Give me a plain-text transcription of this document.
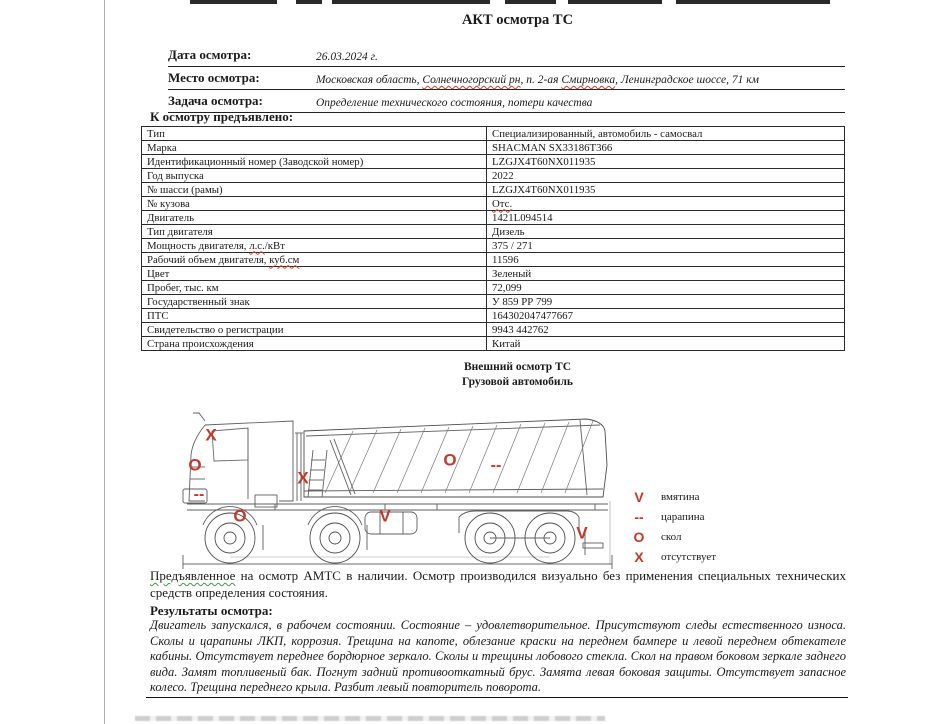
АКТ осмотра ТС
Дата осмотра:	26.03.2024 г.
Место осмотра:	Московская область, Солнечногорский рн, п. 2-ая Смирновка, Ленинградское шоссе, 71 км
Задача осмотра:	Определение технического состояния, потери качества
К осмотру предъявлено:
Тип	Специализированный, автомобиль - самосвал
Марка	SHACMAN SX33186T366
Идентификационный номер (Заводской номер)	LZGJX4T60NX011935
Год выпуска	2022
№ шасси (рамы)	LZGJX4T60NX011935
№ кузова	Отс.
Двигатель	1421L094514
Тип двигателя	Дизель
Мощность двигателя, л.с./кВт	375 / 271
Рабочий объем двигателя, куб.см	11596
Цвет	Зеленый
Пробег, тыс. км	72,099
Государственный знак	У 859 РР 799
ПТС	164302047477667
Свидетельство о регистрации	9943 442762
Страна происхождения	Китай
Внешний осмотр ТС
Грузовой автомобиль
X
O
--
O
X
V
O --
V
V	вмятина
--	царапина
O	скол
X	отсутствует

Предъявленное на осмотр АМТС в наличии. Осмотр производился визуально без применения специальных технических средств определения состояния.

Результаты осмотра:

Двигатель запускался, в рабочем состоянии. Состояние – удовлетворительное. Присутствуют следы естественного износа. Сколы и царапины ЛКП, коррозия. Трещина на капоте, облезание краски на переднем бампере и левой переднем обтекателе кабины. Отсутствует переднее бордюрное зеркало. Сколы и трещины лобового стекла. Скол на правом боковом зеркале заднего вида. Замят топливеный бак. Погнут задний противооткатный брус. Замята левая боковая защиты. Отсутствует запасное колесо. Трещина переднего крыла. Разбит левый повторитель поворота.
